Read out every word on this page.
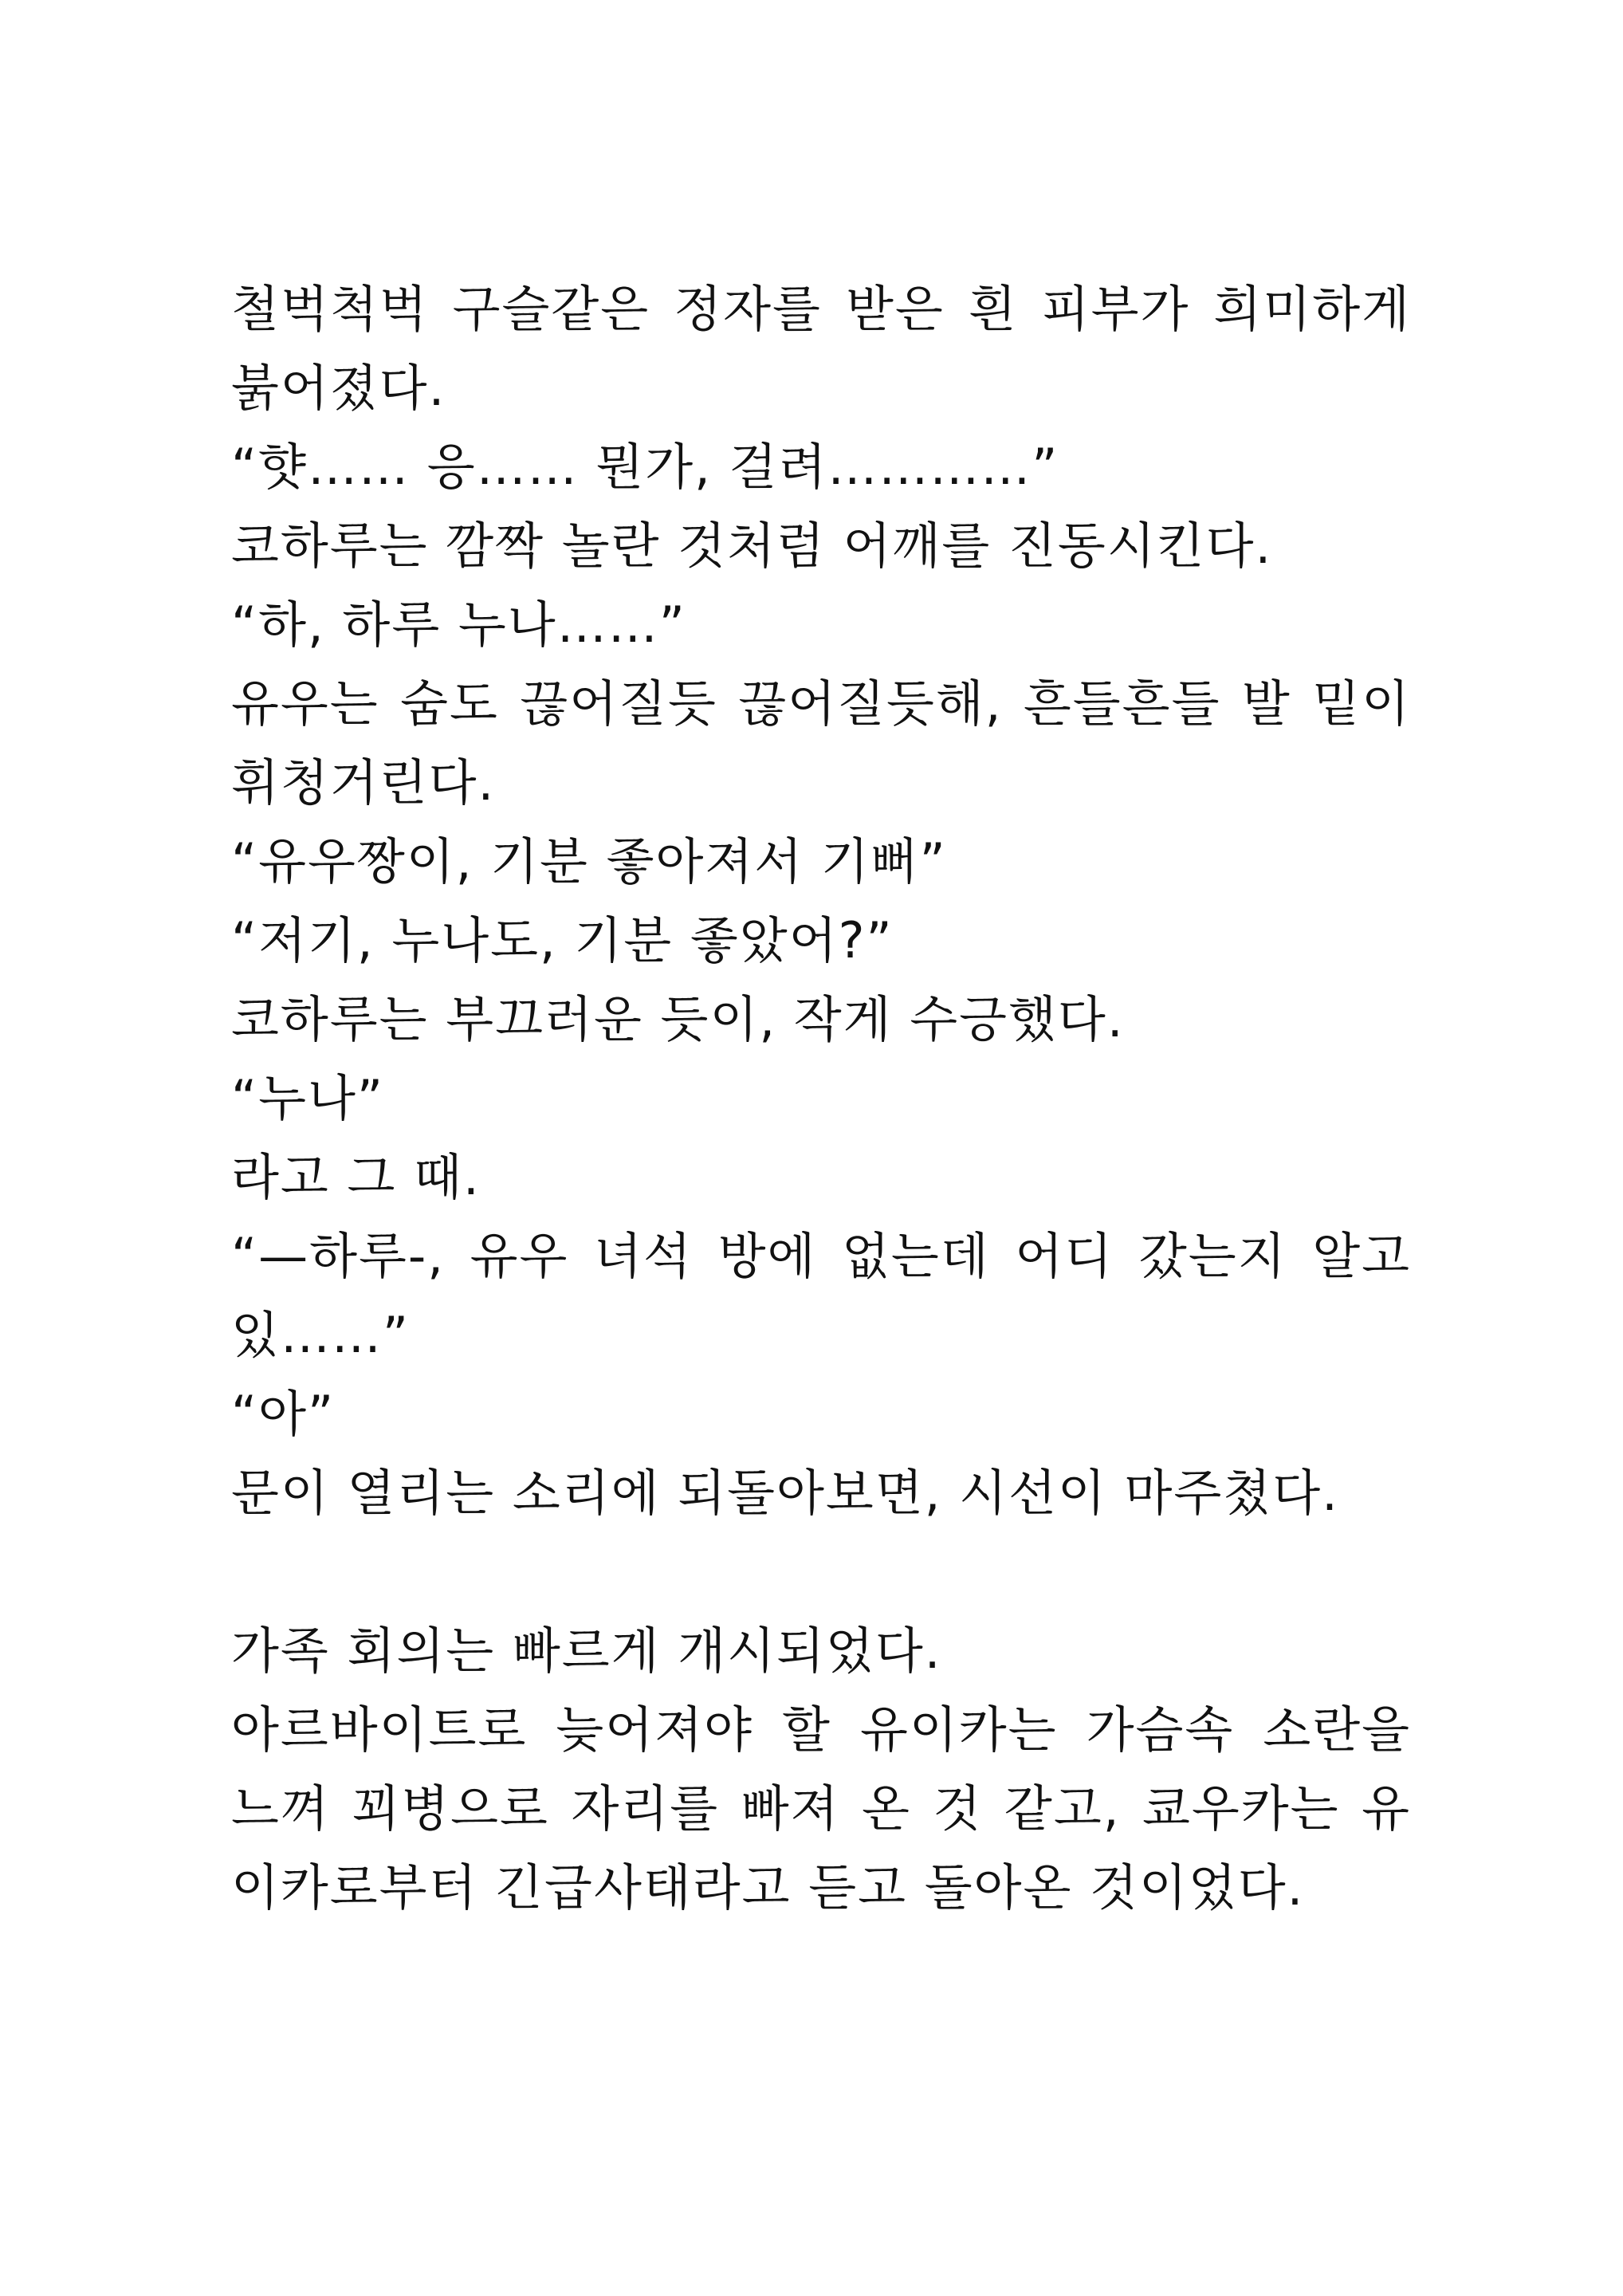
철벅척벅 구슬같은 정자를 받은 흰 피부가 희미하게
붉어졌다.
“햣…… 응…… 뭔가, 걸려…………”
코하루는 깜짝 놀란 것처럼 어깨를 진동시킨다.
“하, 하루 누나……”
유우는 숨도 끊어질듯 끊어질듯해, 흔들흔들 발 밑이
휘청거린다.
“유우짱이, 기분 좋아져서 기뻐”
“저기, 누나도, 기분 좋았어?”
코하루는 부끄러운 듯이, 작게 수긍했다.
“누나”
라고 그 때.
“—하루-, 유우 녀석 방에 없는데 어디 갔는지 알고
있……”
“아”
문이 열리는 소리에 되돌아보면, 시선이 마주쳤다.
가족 회의는 빠르게 개시되었다.
아르바이트로 늦어져야 할 유이카는 가슴속 소란을
느껴 꾀병으로 자리를 빠져 온 것 같고, 쿄우카는 유
이카로부터 긴급사태라고 듣고 돌아온 것이었다.
